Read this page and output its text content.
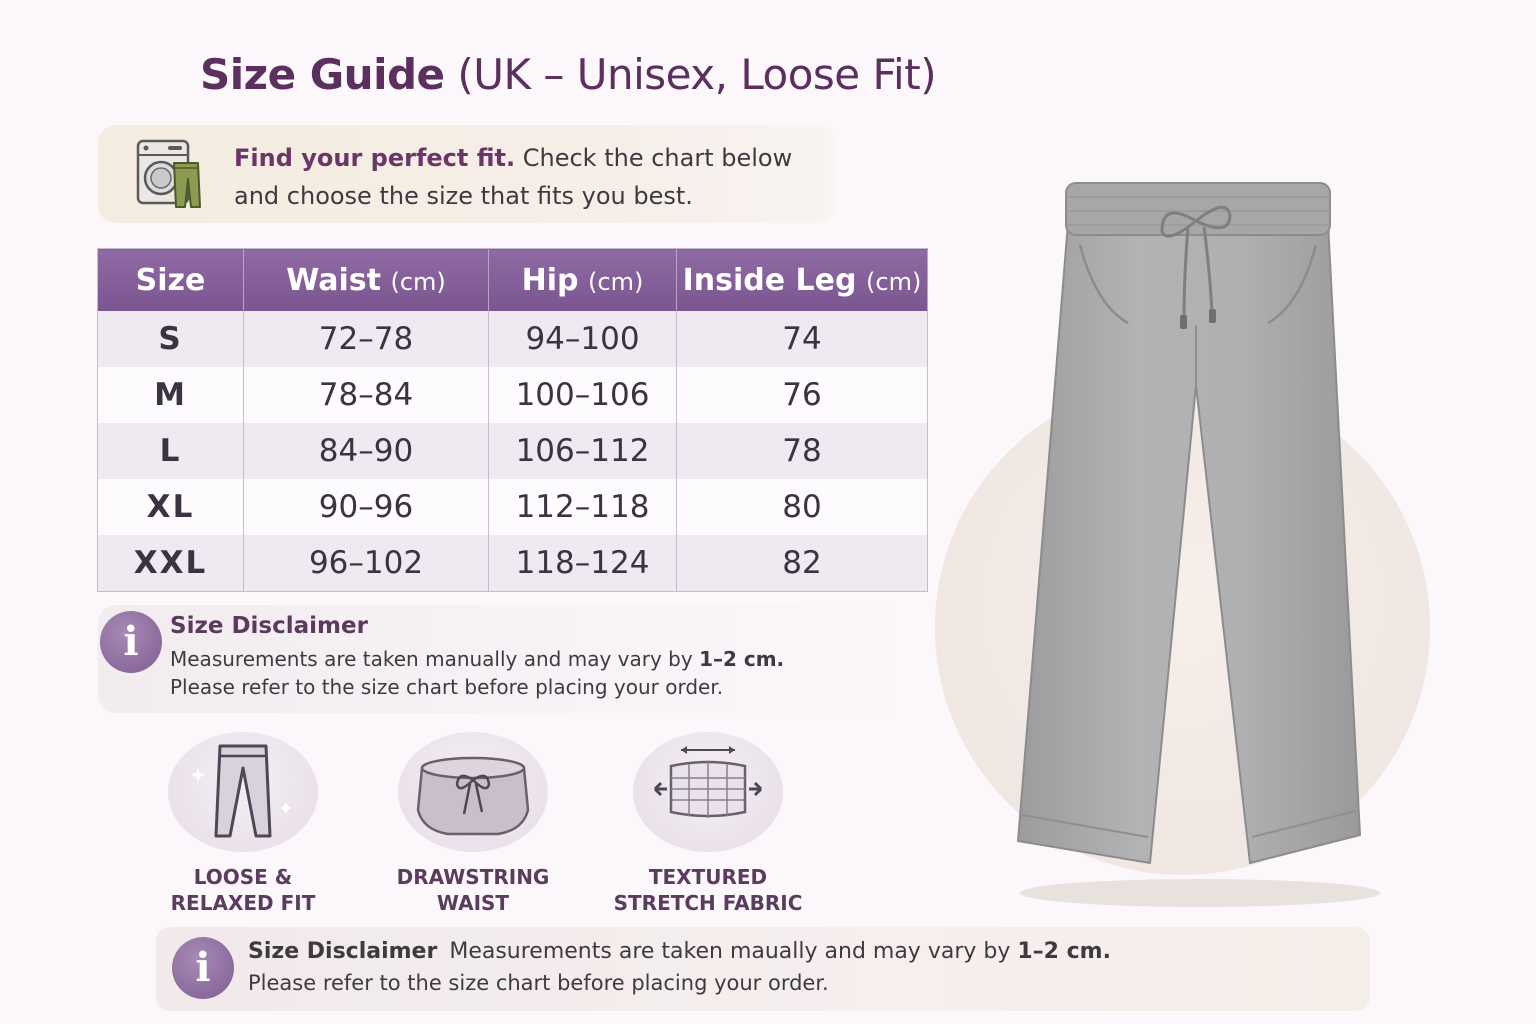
Size Guide (UK – Unisex, Loose Fit)
Find your perfect fit. Check the chart below
and choose the size that fits you best.
Size	Waist (cm)	Hip (cm)	Inside Leg (cm)
S	72–78	94–100	74
M	78–84	100–106	76
L	84–90	106–112	78
XL	90–96	112–118	80
XXL	96–102	118–124	82
i	Size Disclaimer
Measurements are taken manually and may vary by 1–2 cm.
Please refer to the size chart before placing your order.
LOOSE &
RELAXED FIT
DRAWSTRING
WAIST
TEXTURED
STRETCH FABRIC
i	Size Disclaimer Measurements are taken maually and may vary by 1–2 cm.
Please refer to the size chart before placing your order.
